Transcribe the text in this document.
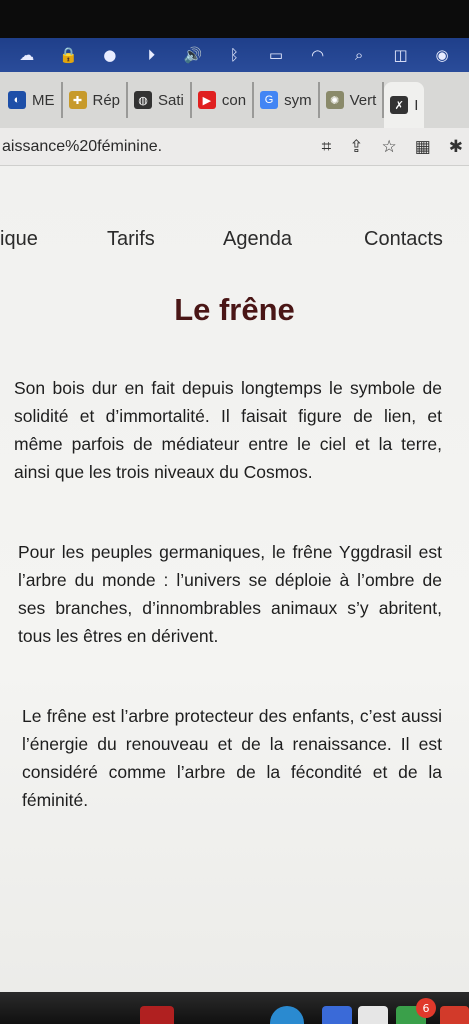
☁	🔒	●	⏵	🔊	ᛒ	▭	◠	⌕	◫	◉
◐ ME	✚ Rép	◍ Sati	▶ con	G sym	✺ Vert	✗ I
aissance%20féminine.	⌗ ⇪ ☆ ▦ ✱
ique	Tarifs	Agenda	Contacts
Le frêne

Son bois dur en fait depuis longtemps le symbole de solidité et d’immortalité. Il faisait figure de lien, et même parfois de médiateur entre le ciel et la terre, ainsi que les trois niveaux du Cosmos.

Pour les peuples germaniques, le frêne Yggdrasil est l’arbre du monde : l’univers se déploie à l’ombre de ses branches, d’innombrables animaux s’y abritent, tous les êtres en dérivent.

Le frêne est l’arbre protecteur des enfants, c’est aussi l’énergie du renouveau et de la renaissance. Il est considéré comme l’arbre de la fécondité et de la féminité.

6
